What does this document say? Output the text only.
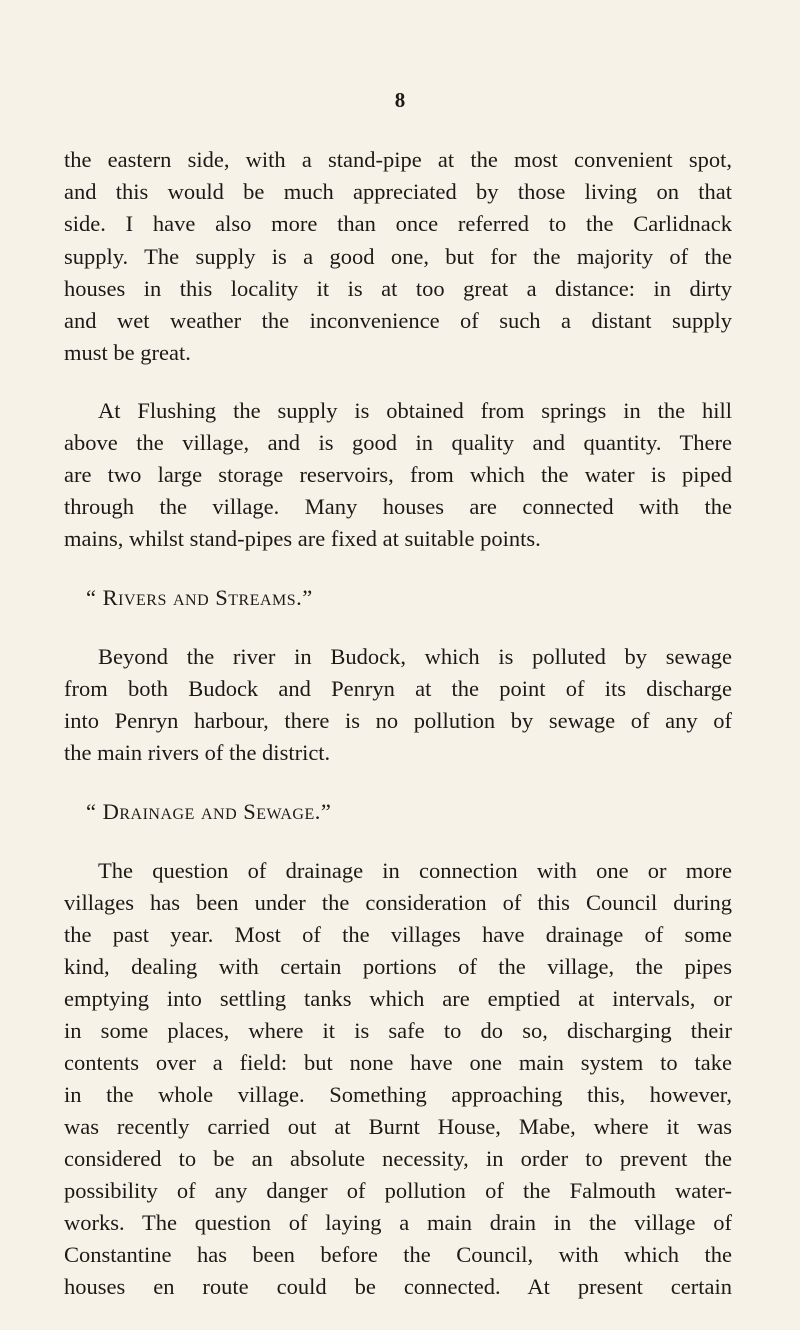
8

the eastern side, with a stand-pipe at the most convenient spot,

and this would be much appreciated by those living on that

side. I have also more than once referred to the Carlidnack

supply. The supply is a good one, but for the majority of the

houses in this locality it is at too great a distance: in dirty

and wet weather the inconvenience of such a distant supply

must be great.

At Flushing the supply is obtained from springs in the hill

above the village, and is good in quality and quantity. There

are two large storage reservoirs, from which the water is piped

through the village. Many houses are connected with the

mains, whilst stand-pipes are fixed at suitable points.

“ Rivers and Streams.”

Beyond the river in Budock, which is polluted by sewage

from both Budock and Penryn at the point of its discharge

into Penryn harbour, there is no pollution by sewage of any of

the main rivers of the district.

“ Drainage and Sewage.”

The question of drainage in connection with one or more

villages has been under the consideration of this Council during

the past year. Most of the villages have drainage of some

kind, dealing with certain portions of the village, the pipes

emptying into settling tanks which are emptied at intervals, or

in some places, where it is safe to do so, discharging their

contents over a field: but none have one main system to take

in the whole village. Something approaching this, however,

was recently carried out at Burnt House, Mabe, where it was

considered to be an absolute necessity, in order to prevent the

possibility of any danger of pollution of the Falmouth water-

works. The question of laying a main drain in the village of

Constantine has been before the Council, with which the

houses en route could be connected. At present certain
